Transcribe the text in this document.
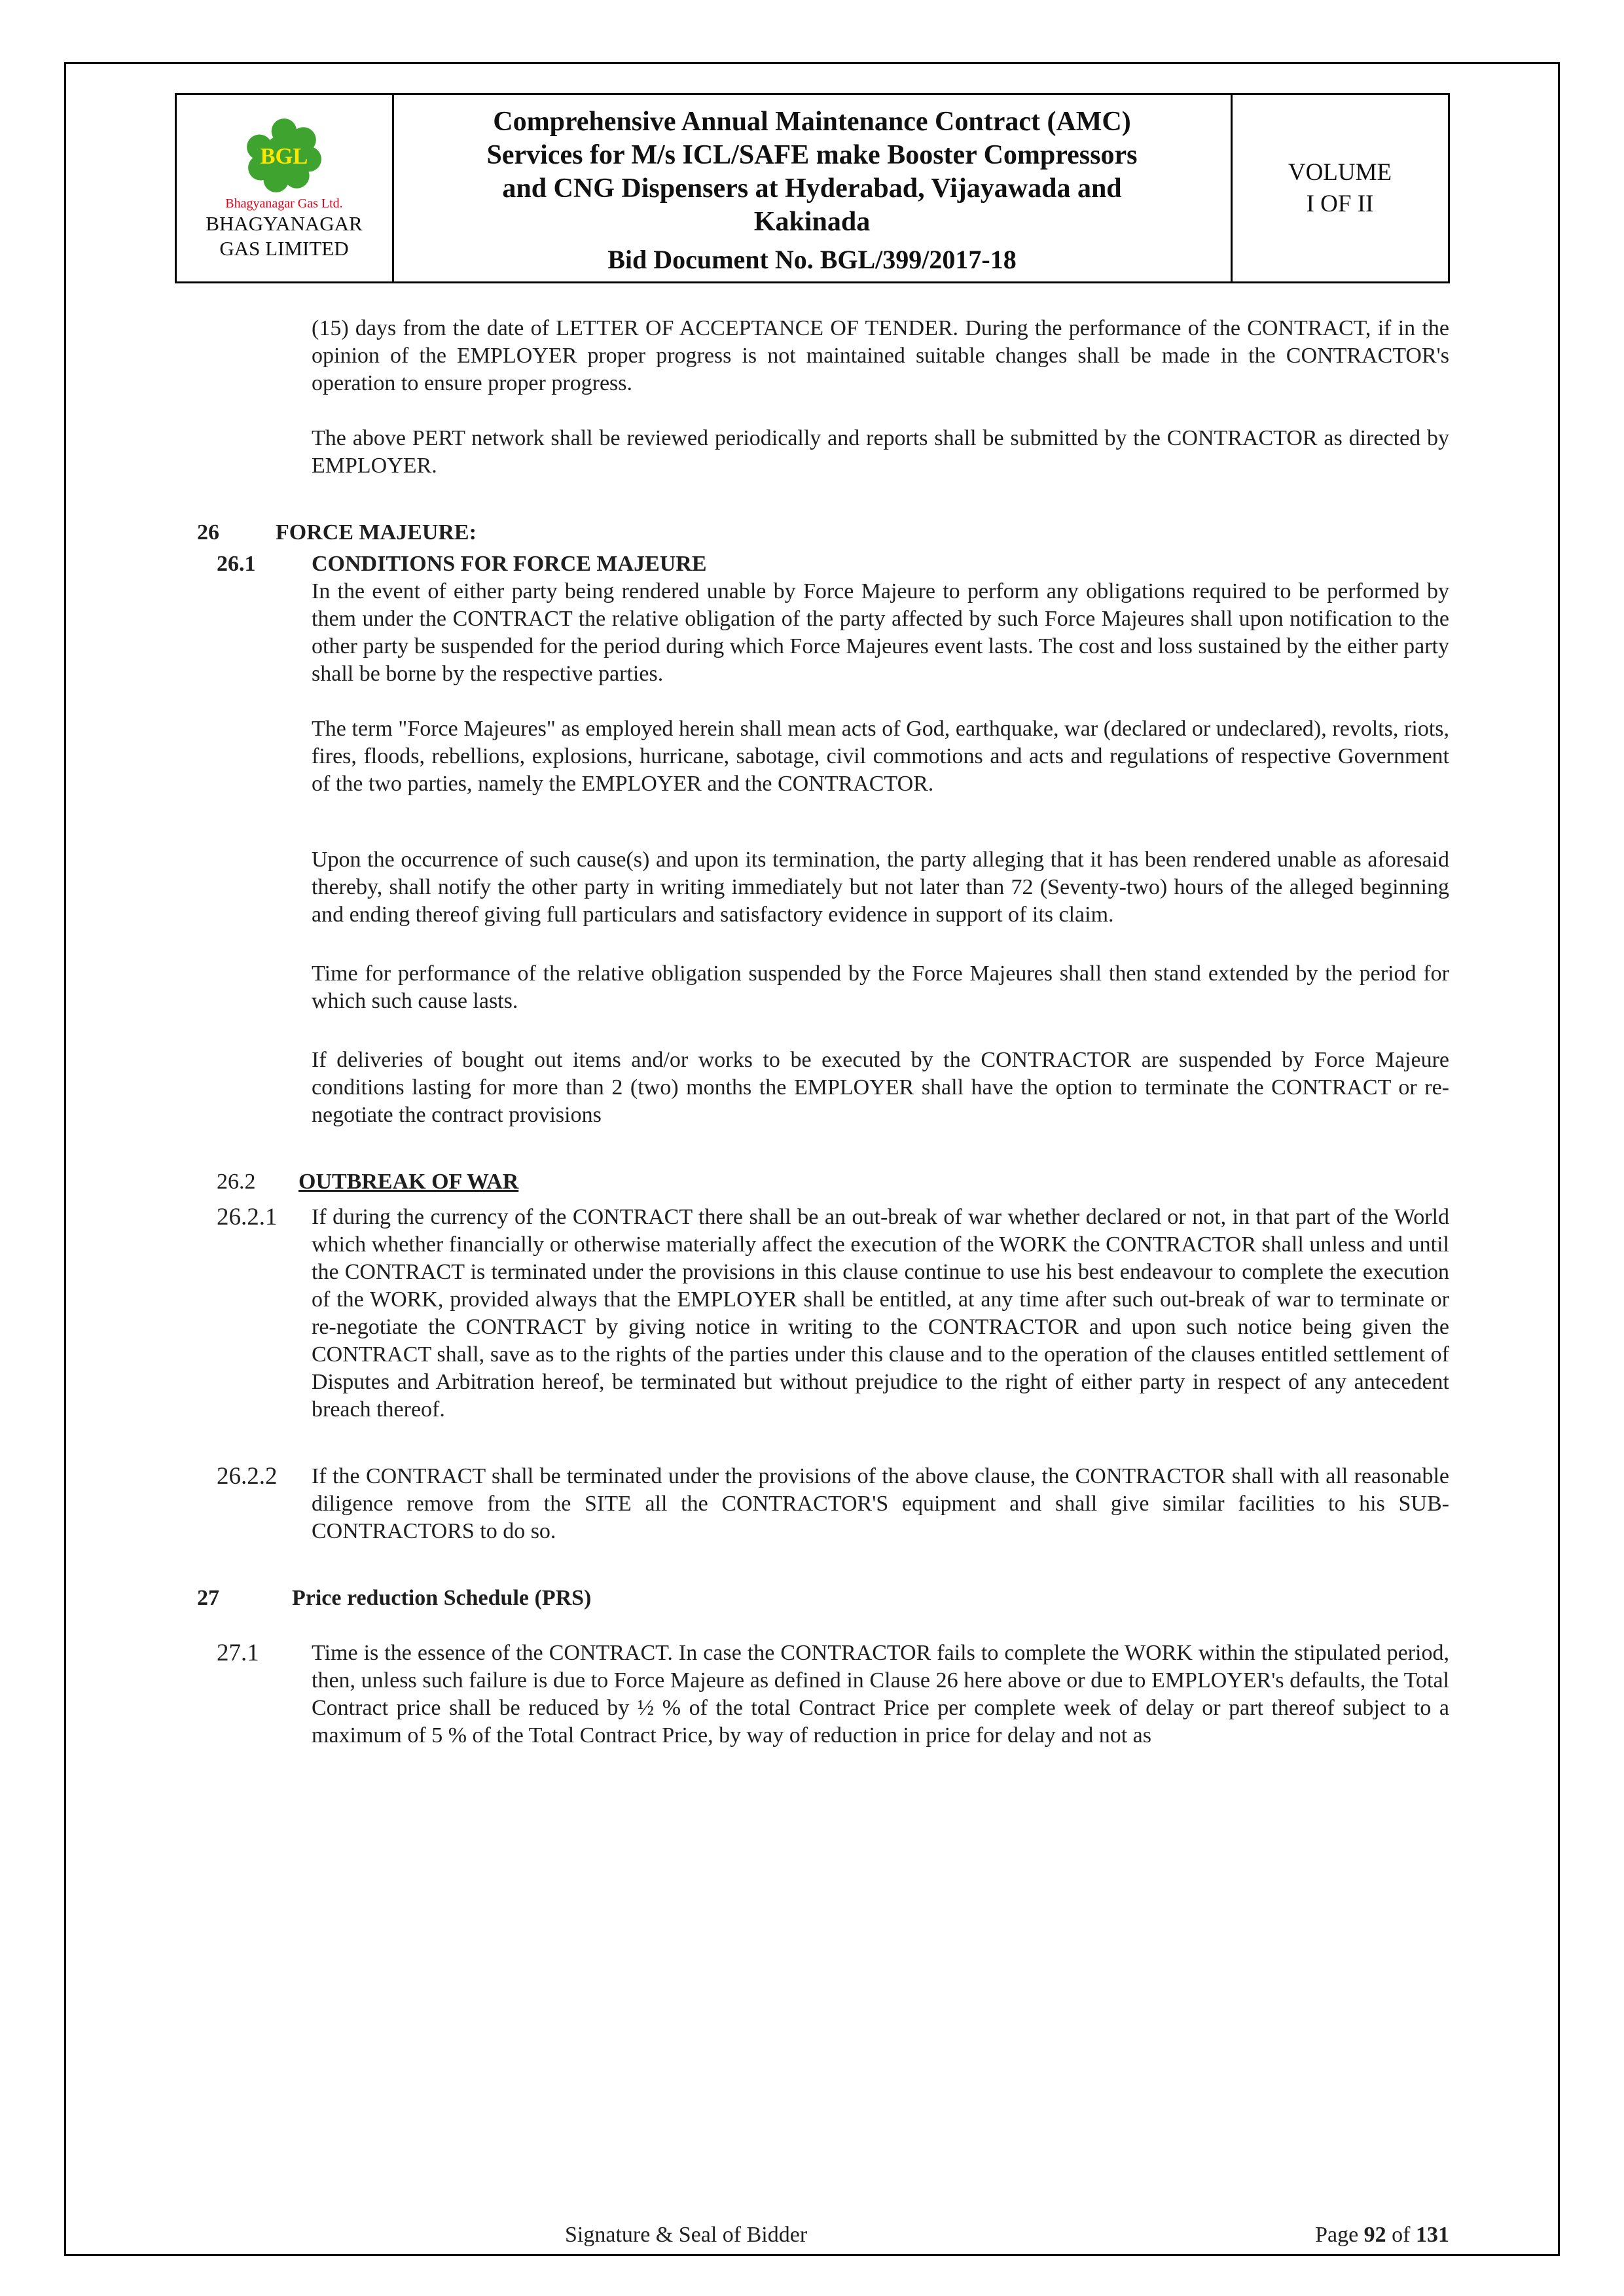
BGL
Bhagyanagar Gas Ltd.
BHAGYANAGAR
GAS LIMITED

Comprehensive Annual Maintenance Contract (AMC)
Services for M/s ICL/SAFE make Booster Compressors
and CNG Dispensers at Hyderabad, Vijayawada and
Kakinada
Bid Document No. BGL/399/2017-18

VOLUME
I OF II

(15) days from the date of LETTER OF ACCEPTANCE OF TENDER. During the performance of the CONTRACT, if in the opinion of the EMPLOYER proper progress is not maintained suitable changes shall be made in the CONTRACTOR's operation to ensure proper progress.

The above PERT network shall be reviewed periodically and reports shall be submitted by the CONTRACTOR as directed by EMPLOYER.

26	FORCE MAJEURE:
26.1	CONDITIONS FOR FORCE MAJEURE
In the event of either party being rendered unable by Force Majeure to perform any obligations required to be performed by them under the CONTRACT the relative obligation of the party affected by such Force Majeures shall upon notification to the other party be suspended for the period during which Force Majeures event lasts. The cost and loss sustained by the either party shall be borne by the respective parties.

The term "Force Majeures" as employed herein shall mean acts of God, earthquake, war (declared or undeclared), revolts, riots, fires, floods, rebellions, explosions, hurricane, sabotage, civil commotions and acts and regulations of respective Government of the two parties, namely the EMPLOYER and the CONTRACTOR.

Upon the occurrence of such cause(s) and upon its termination, the party alleging that it has been rendered unable as aforesaid thereby, shall notify the other party in writing immediately but not later than 72 (Seventy-two) hours of the alleged beginning and ending thereof giving full particulars and satisfactory evidence in support of its claim.

Time for performance of the relative obligation suspended by the Force Majeures shall then stand extended by the period for which such cause lasts.

If deliveries of bought out items and/or works to be executed by the CONTRACTOR are suspended by Force Majeure conditions lasting for more than 2 (two) months the EMPLOYER shall have the option to terminate the CONTRACT or re-negotiate the contract provisions

26.2	OUTBREAK OF WAR
26.2.1	If during the currency of the CONTRACT there shall be an out-break of war whether declared or not, in that part of the World which whether financially or otherwise materially affect the execution of the WORK the CONTRACTOR shall unless and until the CONTRACT is terminated under the provisions in this clause continue to use his best endeavour to complete the execution of the WORK, provided always that the EMPLOYER shall be entitled, at any time after such out-break of war to terminate or re-negotiate the CONTRACT by giving notice in writing to the CONTRACTOR and upon such notice being given the CONTRACT shall, save as to the rights of the parties under this clause and to the operation of the clauses entitled settlement of Disputes and Arbitration hereof, be terminated but without prejudice to the right of either party in respect of any antecedent breach thereof.
26.2.2	If the CONTRACT shall be terminated under the provisions of the above clause, the CONTRACTOR shall with all reasonable diligence remove from the SITE all the CONTRACTOR'S equipment and shall give similar facilities to his SUB-CONTRACTORS to do so.
27	Price reduction Schedule (PRS)
27.1	Time is the essence of the CONTRACT. In case the CONTRACTOR fails to complete the WORK within the stipulated period, then, unless such failure is due to Force Majeure as defined in Clause 26 here above or due to EMPLOYER's defaults, the Total Contract price shall be reduced by ½ % of the total Contract Price per complete week of delay or part thereof subject to a maximum of 5 % of the Total Contract Price, by way of reduction in price for delay and not as
Signature & Seal of Bidder	Page 92 of 131
